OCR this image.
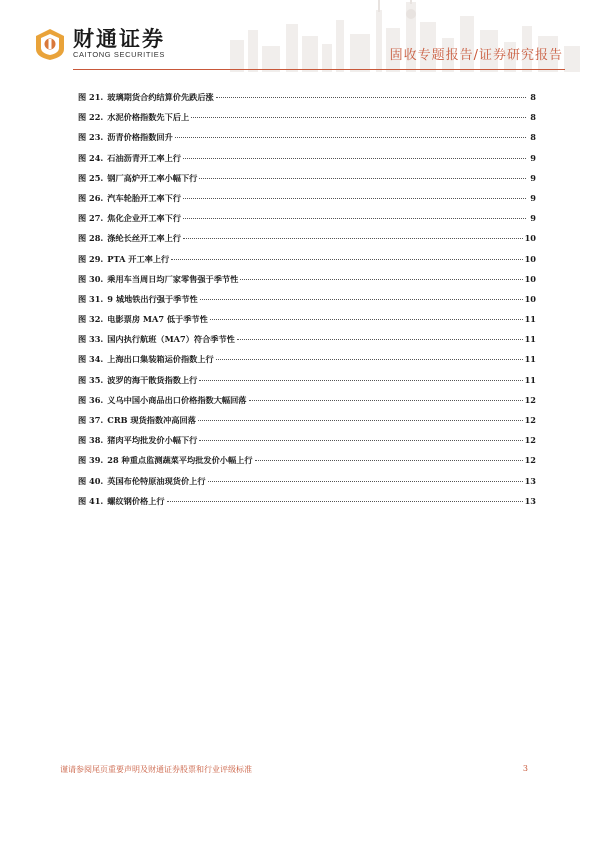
财通证券
CAITONG SECURITIES	固收专题报告/证券研究报告
图 21. 玻璃期货合约结算价先跌后涨	8
图 22. 水泥价格指数先下后上	8
图 23. 沥青价格指数回升	8
图 24. 石油沥青开工率上行	9
图 25. 钢厂高炉开工率小幅下行	9
图 26. 汽车轮胎开工率下行	9
图 27. 焦化企业开工率下行	9
图 28. 涤纶长丝开工率上行	10
图 29. PTA 开工率上行	10
图 30. 乘用车当周日均厂家零售强于季节性	10
图 31. 9 城地铁出行强于季节性	10
图 32. 电影票房 MA7 低于季节性	11
图 33. 国内执行航班（MA7）符合季节性	11
图 34. 上海出口集装箱运价指数上行	11
图 35. 波罗的海干散货指数上行	11
图 36. 义乌中国小商品出口价格指数大幅回落	12
图 37. CRB 现货指数冲高回落	12
图 38. 猪肉平均批发价小幅下行	12
图 39. 28 种重点监测蔬菜平均批发价小幅上行	12
图 40. 英国布伦特原油现货价上行	13
图 41. 螺纹钢价格上行	13
谨请参阅尾页重要声明及财通证券股票和行业评级标准	3
